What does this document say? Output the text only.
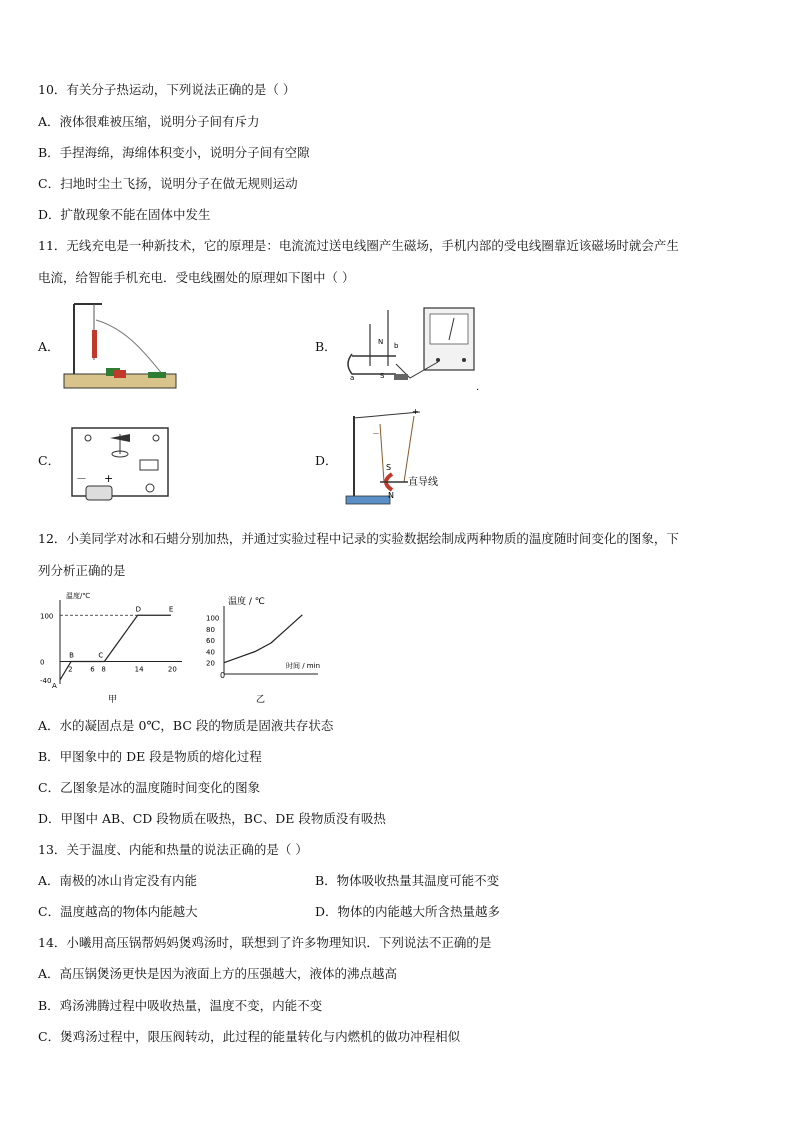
10．有关分子热运动，下列说法正确的是（ ）
A．液体很难被压缩，说明分子间有斥力
B．手捏海绵，海绵体积变小，说明分子间有空隙
C．扫地时尘土飞扬，说明分子在做无规则运动
D．扩散现象不能在固体中发生
11．无线充电是一种新技术，它的原理是：电流流过送电线圈产生磁场，手机内部的受电线圈靠近该磁场时就会产生
电流，给智能手机充电．受电线圈处的原理如下图中（ ）
A．	B．	N
S
a
b
.
C．
－ +
D．
+
－
S
N
直导线
12．小美同学对冰和石蜡分别加热，并通过实验过程中记录的实验数据绘制成两种物质的温度随时间变化的图象，下
列分析正确的是
温度/℃
甲
100
0
-40
2	6 8	14	20
A
B	C
D	E
温度 / ℃
时间 / min
0
乙
100
80
60
40
20
A．水的凝固点是 0℃，BC 段的物质是固液共存状态
B．甲图象中的 DE 段是物质的熔化过程
C．乙图象是冰的温度随时间变化的图象
D．甲图中 AB、CD 段物质在吸热，BC、DE 段物质没有吸热
13．关于温度、内能和热量的说法正确的是（ ）
A．南极的冰山肯定没有内能	B．物体吸收热量其温度可能不变
C．温度越高的物体内能越大	D．物体的内能越大所含热量越多
14．小曦用高压锅帮妈妈煲鸡汤时，联想到了许多物理知识．下列说法不正确的是
A．高压锅煲汤更快是因为液面上方的压强越大，液体的沸点越高
B．鸡汤沸腾过程中吸收热量，温度不变，内能不变
C．煲鸡汤过程中，限压阀转动，此过程的能量转化与内燃机的做功冲程相似
